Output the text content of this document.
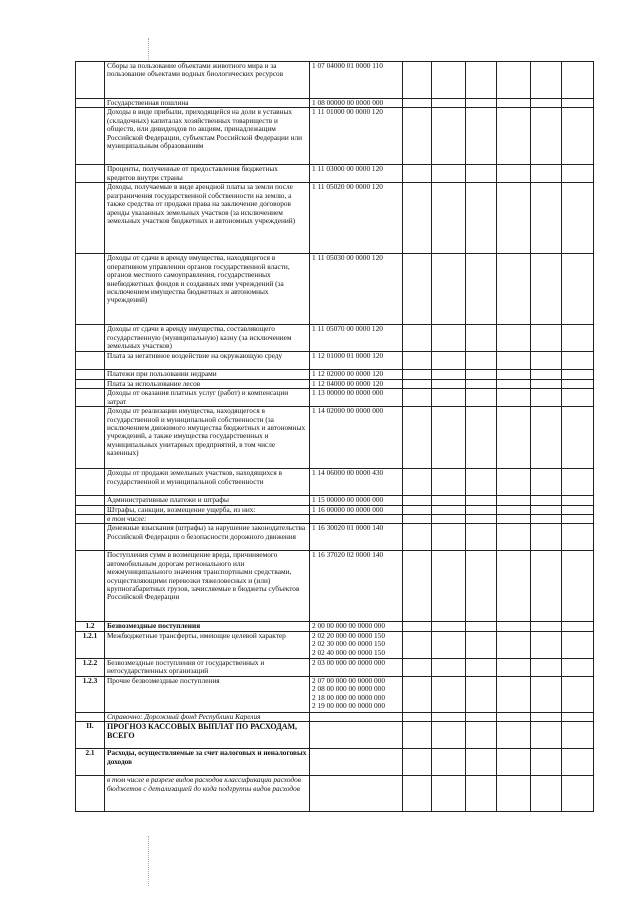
	Сборы за пользование объектами животного мира и за пользование объектами водных биологических ресурсов	1 07 04000 01 0000 110						
	Государственная пошлина	1 08 00000 00 0000 000						
	Доходы в виде прибыли, приходящейся на доли в уставных (складочных) капиталах хозяйственных товариществ и обществ, или дивидендов по акциям, принадлежащим Российской Федерации, субъектам Российской Федерации или муниципальным образованиям	1 11 01000 00 0000 120						
	Проценты, полученные от предоставления бюджетных кредитов внутри страны	1 11 03000 00 0000 120						
	Доходы, получаемые в виде арендной платы за земли после разграничения государственной собственности на землю, а также средства от продажи права на заключение договоров аренды указанных земельных участков (за исключением земельных участков бюджетных и автономных учреждений)	1 11 05020 00 0000 120						
	Доходы от сдачи в аренду имущества, находящегося в оперативном управлении органов государственной власти, органов местного самоуправления, государственных внебюджетных фондов и созданных ими учреждений (за исключением имущества бюджетных и автономных учреждений)	1 11 05030 00 0000 120						
	Доходы от сдачи в аренду имущества, составляющего государственную (муниципальную) казну (за исключением земельных участков)	1 11 05070 00 0000 120						
	Плата за негативное воздействие на окружающую среду	1 12 01000 01 0000 120						
	Платежи при пользовании недрами	1 12 02000 00 0000 120						
	Плата за использование лесов	1 12 04000 00 0000 120						
	Доходы от оказания платных услуг (работ) и компенсации затрат	1 13 00000 00 0000 000						
	Доходы от реализации имущества, находящегося в государственной и муниципальной собственности (за исключением движимого имущества бюджетных и автономных учреждений, а также имущества государственных и муниципальных унитарных предприятий, в том числе казенных)	1 14 02000 00 0000 000						
	Доходы от продажи земельных участков, находящихся в государственной и муниципальной собственности	1 14 06000 00 0000 430						
	Административные платежи и штрафы	1 15 00000 00 0000 000						
	Штрафы, санкции, возмещение ущерба, из них:	1 16 00000 00 0000 000						
	в том числе:							
	Денежные взыскания (штрафы) за нарушение законодательства Российской Федерации о безопасности дорожного движения	1 16 30020 01 0000 140						
	Поступления сумм в возмещение вреда, причиняемого автомобильным дорогам регионального или межмуниципального значения транспортными средствами, осуществляющими перевозки тяжеловесных и (или) крупногабаритных грузов, зачисляемые в бюджеты субъектов Российской Федерации	1 16 37020 02 0000 140						
1.2	Безвозмездные поступления	2 00 00 000 00 0000 000						
1.2.1	Межбюджетные трансферты, имеющие целевой характер	2 02 20 000 00 0000 150
2 02 30 000 00 0000 150
2 02 40 000 00 0000 150						
1.2.2	Безвозмездные поступления от государственных и негосударственных организаций	2 03 00 000 00 0000 000						
1.2.3	Прочие безвозмездные поступления	2 07 00 000 00 0000 000
2 08 00 000 00 0000 000
2 18 00 000 00 0000 000
2 19 00 000 00 0000 000						
	Справочно: Дорожный фонд Республики Карелия							
II.	ПРОГНОЗ КАССОВЫХ ВЫПЛАТ ПО РАСХОДАМ, ВСЕГО							
2.1	Расходы, осуществляемые за счет налоговых и неналоговых доходов							
	в том числе в разрезе видов расходов классификации расходов бюджетов с детализацией до кода подгруппы видов расходов							
